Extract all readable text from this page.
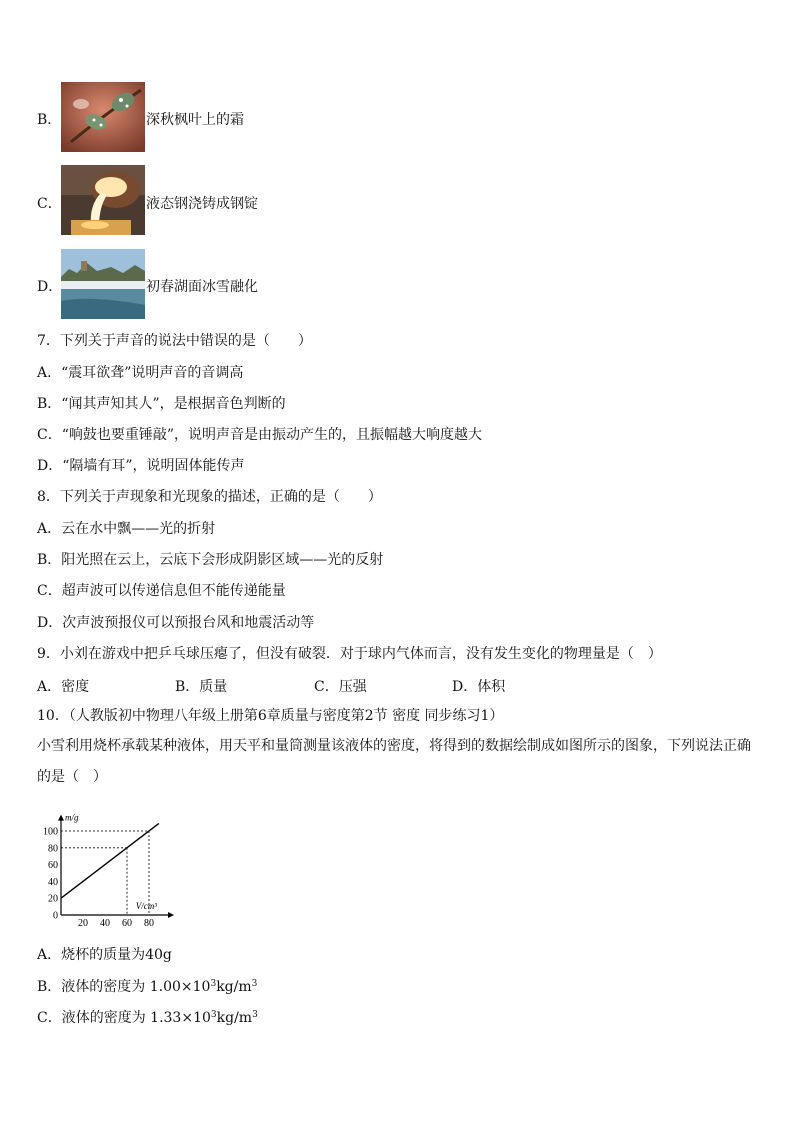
B．	深秋枫叶上的霜
C．	液态钢浇铸成钢锭
D．	初春湖面冰雪融化
7．下列关于声音的说法中错误的是（　　）
A．“震耳欲聋”说明声音的音调高
B．“闻其声知其人”，是根据音色判断的
C．“响鼓也要重锤敲”，说明声音是由振动产生的，且振幅越大响度越大
D．“隔墙有耳”，说明固体能传声
8．下列关于声现象和光现象的描述，正确的是（　　）
A．云在水中飘——光的折射
B．阳光照在云上，云底下会形成阴影区域——光的反射
C．超声波可以传递信息但不能传递能量
D．次声波预报仪可以预报台风和地震活动等
9．小刘在游戏中把乒乓球压瘪了，但没有破裂．对于球内气体而言，没有发生变化的物理量是（　）
A．密度	B．质量	C．压强	D．体积
10．（人教版初中物理八年级上册第6章质量与密度第2节 密度 同步练习1）
小雪利用烧杯承载某种液体，用天平和量筒测量该液体的密度，将得到的数据绘制成如图所示的图象，下列说法正确的是（　）
m/g
V/cm³
100
80
60
40
20
0
20 40 60 80
A．烧杯的质量为40g
B．液体的密度为 $1.00\times 10^3kg/m^3$
C．液体的密度为 $1.33\times 10^3kg/m^3$
